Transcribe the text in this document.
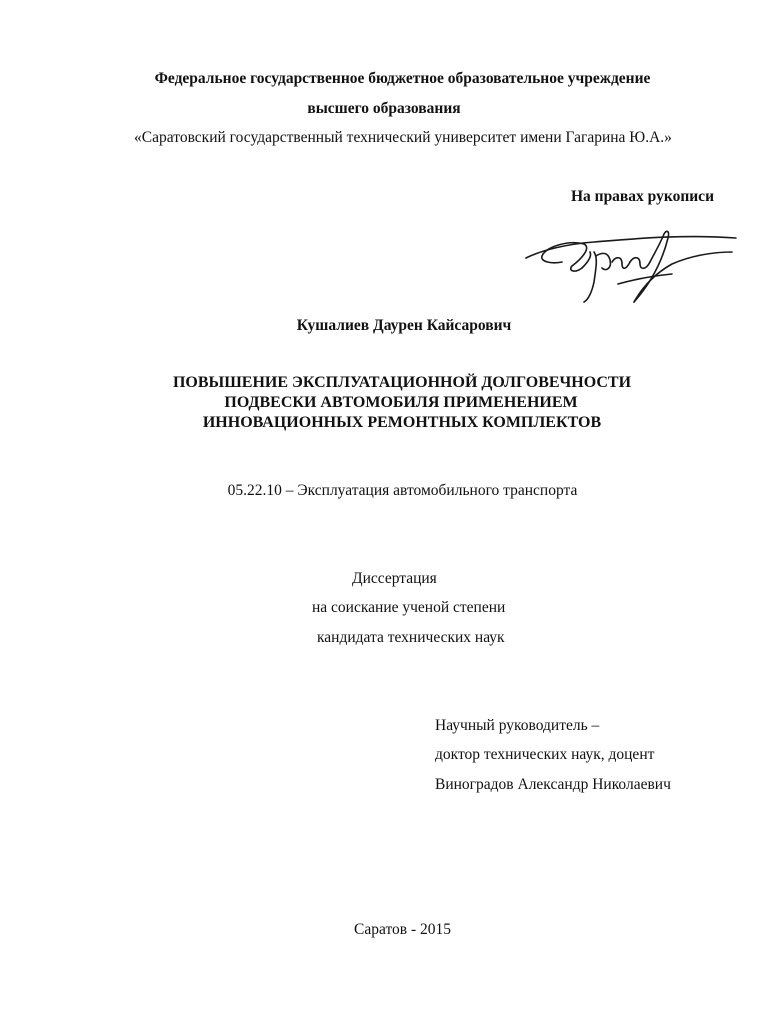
Федеральное государственное бюджетное образовательное учреждение
высшего образования
«Саратовский государственный технический университет имени Гагарина Ю.А.»
На правах рукописи
Кушалиев Даурен Кайсарович
ПОВЫШЕНИЕ ЭКСПЛУАТАЦИОННОЙ ДОЛГОВЕЧНОСТИ
ПОДВЕСКИ АВТОМОБИЛЯ ПРИМЕНЕНИЕМ
ИННОВАЦИОННЫХ РЕМОНТНЫХ КОМПЛЕКТОВ
05.22.10 – Эксплуатация автомобильного транспорта
Диссертация
на соискание ученой степени
кандидата технических наук
Научный руководитель –
доктор технических наук, доцент
Виноградов Александр Николаевич
Саратов - 2015
